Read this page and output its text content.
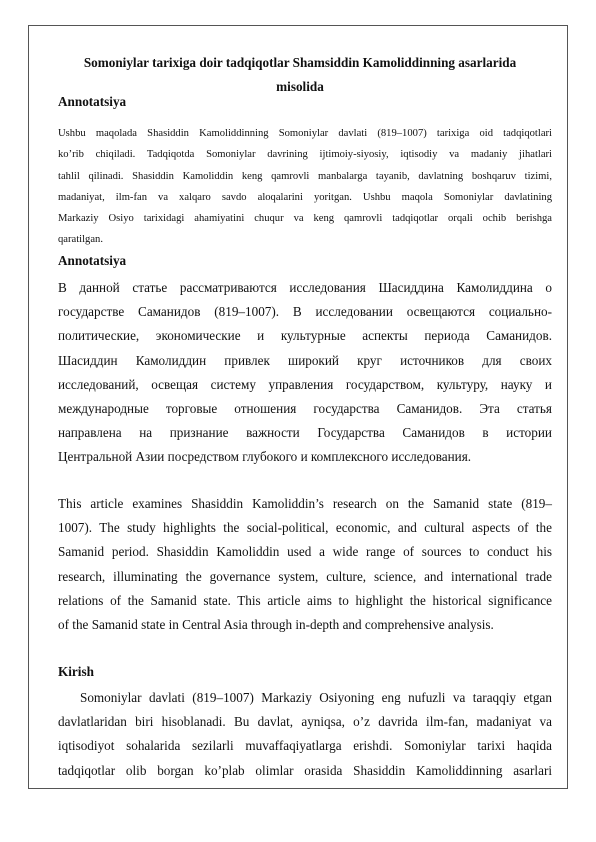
Somoniylar tarixiga doir tadqiqotlar Shamsiddin Kamoliddinning asarlarida misolida
Annotatsiya
Ushbu maqolada Shasiddin Kamoliddinning Somoniylar davlati (819–1007) tarixiga oid tadqiqotlari
ko’rib chiqiladi. Tadqiqotda Somoniylar davrining ijtimoiy-siyosiy, iqtisodiy va madaniy jihatlari
tahlil qilinadi. Shasiddin Kamoliddin keng qamrovli manbalarga tayanib, davlatning boshqaruv tizimi,
madaniyat, ilm-fan va xalqaro savdo aloqalarini yoritgan. Ushbu maqola Somoniylar davlatining
Markaziy Osiyo tarixidagi ahamiyatini chuqur va keng qamrovli tadqiqotlar orqali ochib berishga
qaratilgan.
Annotatsiya
В данной статье рассматриваются исследования Шасиддина Камолиддина о
государстве Саманидов (819–1007). В исследовании освещаются социально-
политические, экономические и культурные аспекты периода Саманидов.
Шасиддин Камолиддин привлек широкий круг источников для своих
исследований, освещая систему управления государством, культуру, науку и
международные торговые отношения государства Саманидов. Эта статья
направлена на признание важности Государства Саманидов в истории
Центральной Азии посредством глубокого и комплексного исследования.
This article examines Shasiddin Kamoliddin’s research on the Samanid state (819–
1007). The study highlights the social-political, economic, and cultural aspects of the
Samanid period. Shasiddin Kamoliddin used a wide range of sources to conduct his
research, illuminating the governance system, culture, science, and international trade
relations of the Samanid state. This article aims to highlight the historical significance
of the Samanid state in Central Asia through in-depth and comprehensive analysis.
Kirish
Somoniylar davlati (819–1007) Markaziy Osiyoning eng nufuzli va taraqqiy etgan
davlatlaridan biri hisoblanadi. Bu davlat, ayniqsa, o’z davrida ilm-fan, madaniyat va
iqtisodiyot sohalarida sezilarli muvaffaqiyatlarga erishdi. Somoniylar tarixi haqida
tadqiqotlar olib borgan ko’plab olimlar orasida Shasiddin Kamoliddinning asarlari
